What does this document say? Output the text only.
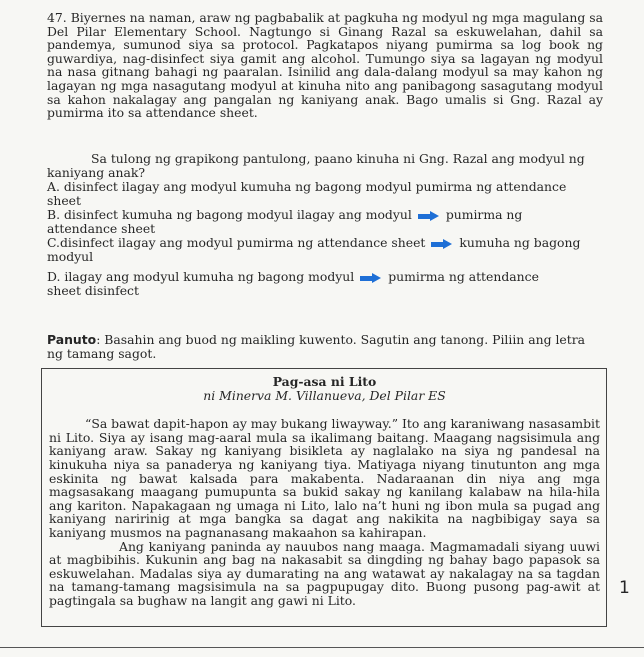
47. Biyernes na naman, araw ng pagbabalik at pagkuha ng modyul ng mga magulang sa Del Pilar Elementary School. Nagtungo si Ginang Razal sa eskuwelahan, dahil sa pandemya, sumunod siya sa protocol. Pagkatapos niyang pumirma sa log book ng guwardiya, nag-disinfect siya gamit ang alcohol. Tumungo siya sa lagayan ng modyul na nasa gitnang bahagi ng paaralan. Isinilid ang dala-dalang modyul sa may kahon ng lagayan ng mga nasagutang modyul at kinuha nito ang panibagong sasagutang modyul sa kahon nakalagay ang pangalan ng kaniyang anak. Bago umalis si Gng. Razal ay pumirma ito sa attendance sheet.

Sa tulong ng grapikong pantulong, paano kinuha ni Gng. Razal ang modyul ng kaniyang anak?

A. disinfect ilagay ang modyul kumuha ng bagong modyul pumirma ng attendance
sheet
B. disinfect kumuha ng bagong modyul ilagay ang modyul	pumirma ng
attendance sheet
C.disinfect ilagay ang modyul pumirma ng attendance sheet	kumuha ng bagong
modyul
D. ilagay ang modyul kumuha ng bagong modyul	pumirma ng attendance
sheet disinfect

Panuto: Basahin ang buod ng maikling kuwento. Sagutin ang tanong. Piliin ang letra ng tamang sagot.

Pag-asa ni Lito

ni Minerva M. Villanueva, Del Pilar ES

“Sa bawat dapit-hapon ay may bukang liwayway.” Ito ang karaniwang nasasambit ni Lito. Siya ay isang mag-aaral mula sa ikalimang baitang. Maagang nagsisimula ang kaniyang araw. Sakay ng kaniyang bisikleta ay naglalako na siya ng pandesal na kinukuha niya sa panaderya ng kaniyang tiya. Matiyaga niyang tinutunton ang mga eskinita ng bawat kalsada para makabenta. Nadaraanan din niya ang mga magsasakang maagang pumupunta sa bukid sakay ng kanilang kalabaw na hila-hila ang kariton. Napakagaan ng umaga ni Lito, lalo na’t huni ng ibon mula sa pugad ang kaniyang naririnig at mga bangka sa dagat ang nakikita na nagbibigay saya sa kaniyang musmos na pagnanasang makaahon sa kahirapan.

Ang kaniyang paninda ay nauubos nang maaga. Magmamadali siyang uuwi at magbibihis. Kukunin ang bag na nakasabit sa dingding ng bahay bago papasok sa eskuwelahan. Madalas siya ay dumarating na ang watawat ay nakalagay na sa tagdan na tamang-tamang magsisimula na sa pagpupugay dito. Buong pusong pag-awit at pagtingala sa bughaw na langit ang gawi ni Lito.

1
